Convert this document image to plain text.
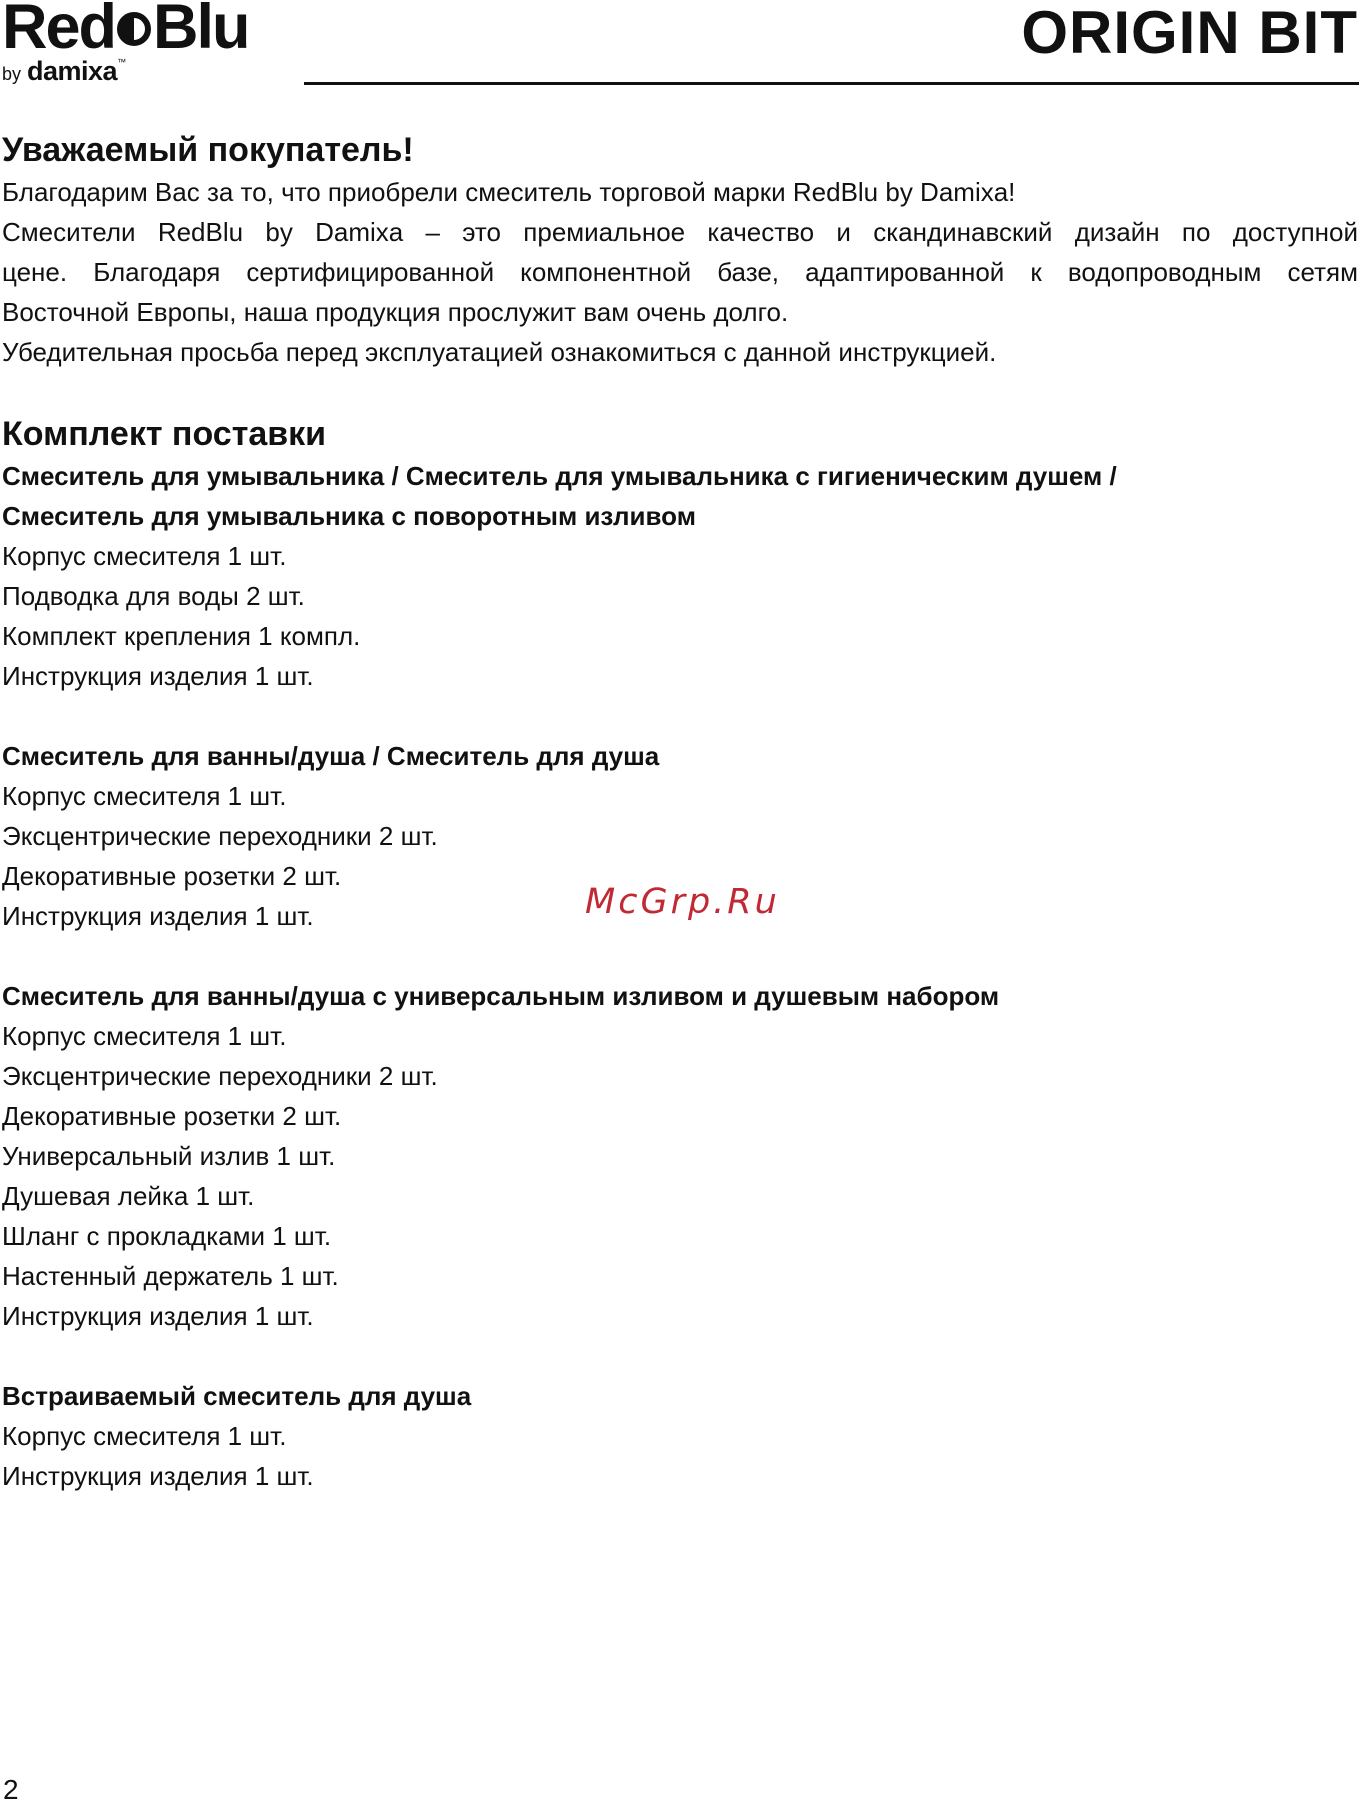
Red Blu
by damixa™	ORIGIN BIT
Уважаемый покупатель!
Благодарим Вас за то, что приобрели смеситель торговой марки RedBlu by Damixa!
Смесители RedBlu by Damixa – это премиальное качество и скандинавский дизайн по доступной
цене. Благодаря сертифицированной компонентной базе, адаптированной к водопроводным сетям
Восточной Европы, наша продукция прослужит вам очень долго.
Убедительная просьба перед эксплуатацией ознакомиться с данной инструкцией.
Комплект поставки
Смеситель для умывальника / Смеситель для умывальника с гигиеническим душем /
Смеситель для умывальника с поворотным изливом
Корпус смесителя 1 шт.
Подводка для воды 2 шт.
Комплект крепления 1 компл.
Инструкция изделия 1 шт.
Смеситель для ванны/душа / Смеситель для душа
Корпус смесителя 1 шт.
Эксцентрические переходники 2 шт.
Декоративные розетки 2 шт.
Инструкция изделия 1 шт.
Смеситель для ванны/душа с универсальным изливом и душевым набором
Корпус смесителя 1 шт.
Эксцентрические переходники 2 шт.
Декоративные розетки 2 шт.
Универсальный излив 1 шт.
Душевая лейка 1 шт.
Шланг с прокладками 1 шт.
Настенный держатель 1 шт.
Инструкция изделия 1 шт.
Встраиваемый смеситель для душа
Корпус смесителя 1 шт.
Инструкция изделия 1 шт.
McGrp.Ru
2
